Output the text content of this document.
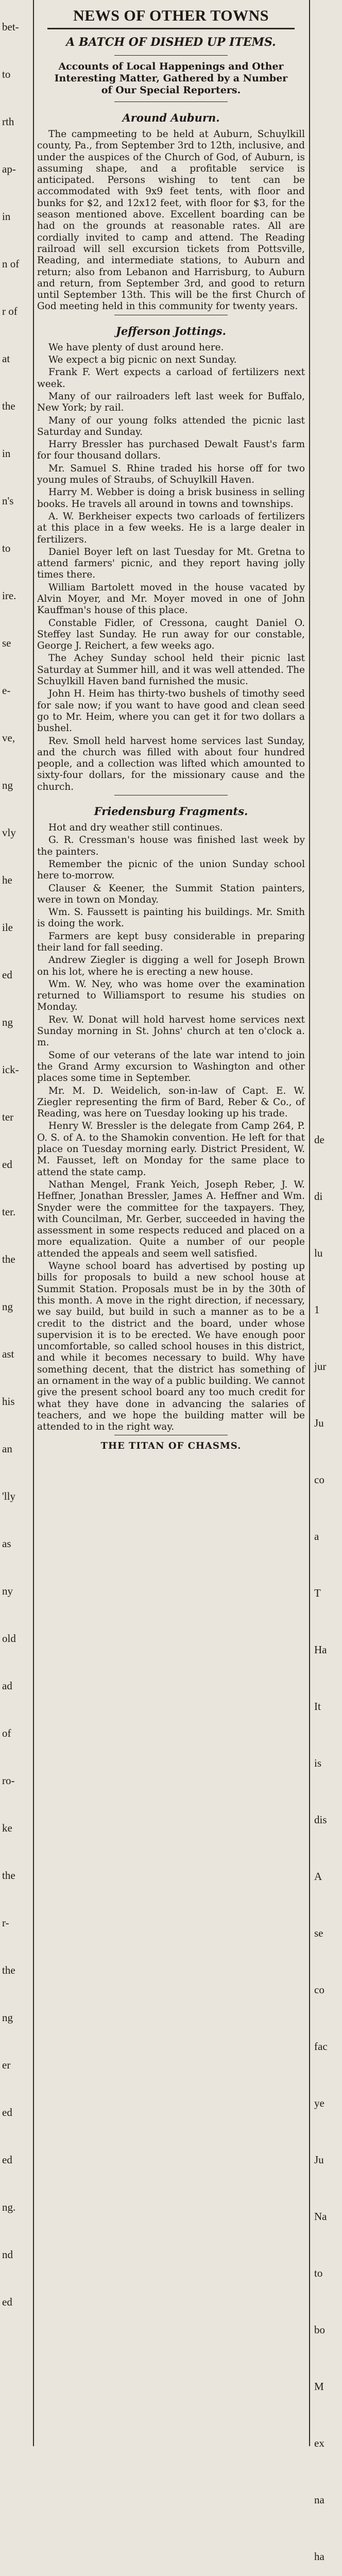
bet-
to
rth
ap-
in
n of
r of
at
the
in
n's
to
ire.
se
e-
ve,
ng
vly
he
ile
ed
ng
ick-
ter
ed
ter.
the
ng
ast
his
an
'lly
as
ny
old
ad
of
ro-
ke
the
r-
the
ng
er
ed
ed
ng.
nd
ed
NEWS OF OTHER TOWNS
A BATCH OF DISHED UP ITEMS.
Accounts of Local Happenings and Other Interesting Matter, Gathered by a Number of Our Special Reporters.
Around Auburn.

The campmeeting to be held at Auburn, Schuylkill county, Pa., from September 3rd to 12th, inclusive, and under the auspices of the Church of God, of Auburn, is assuming shape, and a profitable service is anticipated. Persons wishing to tent can be accommodated with 9x9 feet tents, with floor and bunks for $2, and 12x12 feet, with floor for $3, for the season mentioned above. Excellent boarding can be had on the grounds at reasonable rates. All are cordially invited to camp and attend. The Reading railroad will sell excursion tickets from Pottsville, Reading, and intermediate stations, to Auburn and return; also from Lebanon and Harrisburg, to Auburn and return, from September 3rd, and good to return until September 13th. This will be the first Church of God meeting held in this community for twenty years.

Jefferson Jottings.

We have plenty of dust around here.

We expect a big picnic on next Sunday.

Frank F. Wert expects a carload of fertilizers next week.

Many of our railroaders left last week for Buffalo, New York; by rail.

Many of our young folks attended the picnic last Saturday and Sunday.

Harry Bressler has purchased Dewalt Faust's farm for four thousand dollars.

Mr. Samuel S. Rhine traded his horse off for two young mules of Straubs, of Schuylkill Haven.

Harry M. Webber is doing a brisk business in selling books. He travels all around in towns and townships.

A. W. Berkheiser expects two carloads of fertilizers at this place in a few weeks. He is a large dealer in fertilizers.

Daniel Boyer left on last Tuesday for Mt. Gretna to attend farmers' picnic, and they report having jolly times there.

William Bartolett moved in the house vacated by Alvin Moyer, and Mr. Moyer moved in one of John Kauffman's house of this place.

Constable Fidler, of Cressona, caught Daniel O. Steffey last Sunday. He run away for our constable, George J. Reichert, a few weeks ago.

The Achey Sunday school held their picnic last Saturday at Summer hill, and it was well attended. The Schuylkill Haven band furnished the music.

John H. Heim has thirty-two bushels of timothy seed for sale now; if you want to have good and clean seed go to Mr. Heim, where you can get it for two dollars a bushel.

Rev. Smoll held harvest home services last Sunday, and the church was filled with about four hundred people, and a collection was lifted which amounted to sixty-four dollars, for the missionary cause and the church.

Friedensburg Fragments.

Hot and dry weather still continues.

G. R. Cressman's house was finished last week by the painters.

Remember the picnic of the union Sunday school here to-morrow.

Clauser & Keener, the Summit Station painters, were in town on Monday.

Wm. S. Faussett is painting his buildings. Mr. Smith is doing the work.

Farmers are kept busy considerable in preparing their land for fall seeding.

Andrew Ziegler is digging a well for Joseph Brown on his lot, where he is erecting a new house.

Wm. W. Ney, who was home over the examination returned to Williamsport to resume his studies on Monday.

Rev. W. Donat will hold harvest home services next Sunday morning in St. Johns' church at ten o'clock a. m.

Some of our veterans of the late war intend to join the Grand Army excursion to Washington and other places some time in September.

Mr. M. D. Weidelich, son-in-law of Capt. E. W. Ziegler representing the firm of Bard, Reber & Co., of Reading, was here on Tuesday looking up his trade.

Henry W. Bressler is the delegate from Camp 264, P. O. S. of A. to the Shamokin convention. He left for that place on Tuesday morning early. District President, W. M. Fausset, left on Monday for the same place to attend the state camp.

Nathan Mengel, Frank Yeich, Joseph Reber, J. W. Heffner, Jonathan Bressler, James A. Heffner and Wm. Snyder were the committee for the taxpayers. They, with Councilman, Mr. Gerber, succeeded in having the assessment in some respects reduced and placed on a more equalization. Quite a number of our people attended the appeals and seem well satisfied.

Wayne school board has advertised by posting up bills for proposals to build a new school house at Summit Station. Proposals must be in by the 30th of this month. A move in the right direction, if necessary, we say build, but build in such a manner as to be a credit to the district and the board, under whose supervision it is to be erected. We have enough poor uncomfortable, so called school houses in this district, and while it becomes necessary to build. Why have something decent, that the district has something of an ornament in the way of a public building. We cannot give the present school board any too much credit for what they have done in advancing the salaries of teachers, and we hope the building matter will be attended to in the right way.

THE TITAN OF CHASMS.
de
di
lu
1
jur
Ju
co
a
T
Ha
It
is
dis
A
se
co
fac
ye
Ju
Na
to
bo
M
ex
na
ha
